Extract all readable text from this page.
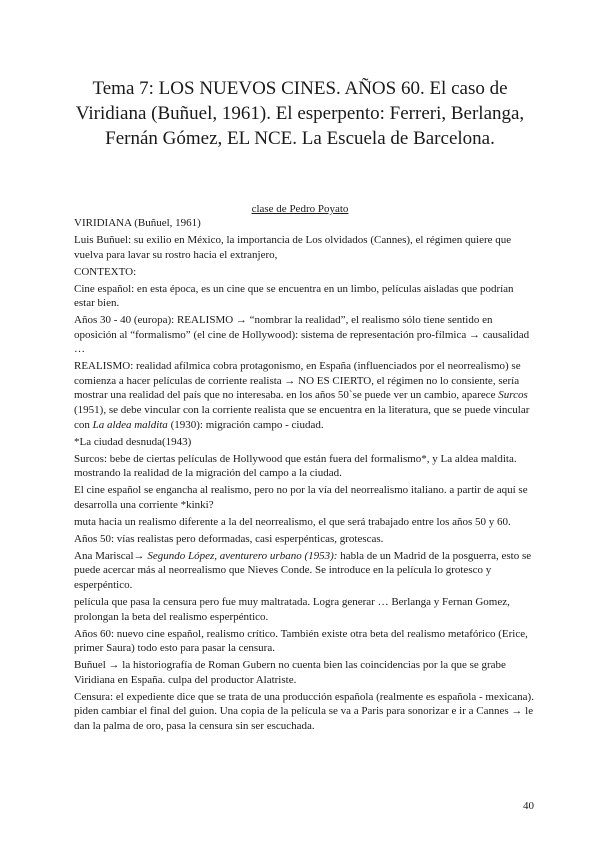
Tema 7: LOS NUEVOS CINES. AÑOS 60. El caso de Viridiana (Buñuel, 1961). El esperpento: Ferreri, Berlanga, Fernán Gómez, EL NCE. La Escuela de Barcelona.
clase de Pedro Poyato

VIRIDIANA (Buñuel, 1961)

Luis Buñuel: su exilio en México, la importancia de Los olvidados (Cannes), el régimen quiere que vuelva para lavar su rostro hacia el extranjero,

CONTEXTO:

Cine español: en esta época, es un cine que se encuentra en un limbo, películas aisladas que podrían estar bien.

Años 30 - 40 (europa): REALISMO → “nombrar la realidad”, el realismo sólo tiene sentido en oposición al “formalismo” (el cine de Hollywood): sistema de representación pro-fílmica → causalidad …

REALISMO: realidad afílmica cobra protagonismo, en España (influenciados por el neorrealismo) se comienza a hacer películas de corriente realista → NO ES CIERTO, el régimen no lo consiente, sería mostrar una realidad del país que no interesaba. en los años 50`se puede ver un cambio, aparece Surcos (1951), se debe vincular con la corriente realista que se encuentra en la literatura, que se puede vincular con La aldea maldita (1930): migración campo - ciudad.

*La ciudad desnuda(1943)

Surcos: bebe de ciertas películas de Hollywood que están fuera del formalismo*, y La aldea maldita. mostrando la realidad de la migración del campo a la ciudad.

El cine español se engancha al realismo, pero no por la vía del neorrealismo italiano. a partir de aquí se desarrolla una corriente *kinki?

muta hacia un realismo diferente a la del neorrealismo, el que será trabajado entre los años 50 y 60.

Años 50: vías realistas pero deformadas, casi esperpénticas, grotescas.

Ana Mariscal→ Segundo López, aventurero urbano (1953): habla de un Madrid de la posguerra, esto se puede acercar más al neorrealismo que Nieves Conde. Se introduce en la película lo grotesco y esperpéntico.

película que pasa la censura pero fue muy maltratada. Logra generar … Berlanga y Fernan Gomez, prolongan la beta del realismo esperpéntico.

Años 60: nuevo cine español, realismo crítico. También existe otra beta del realismo metafórico (Erice, primer Saura) todo esto para pasar la censura.

Buñuel → la historiografía de Roman Gubern no cuenta bien las coincidencias por la que se grabe Viridiana en España. culpa del productor Alatriste.

Censura: el expediente dice que se trata de una producción española (realmente es española - mexicana). piden cambiar el final del guion. Una copia de la película se va a Paris para sonorizar e ir a Cannes → le dan la palma de oro, pasa la censura sin ser escuchada.

40
